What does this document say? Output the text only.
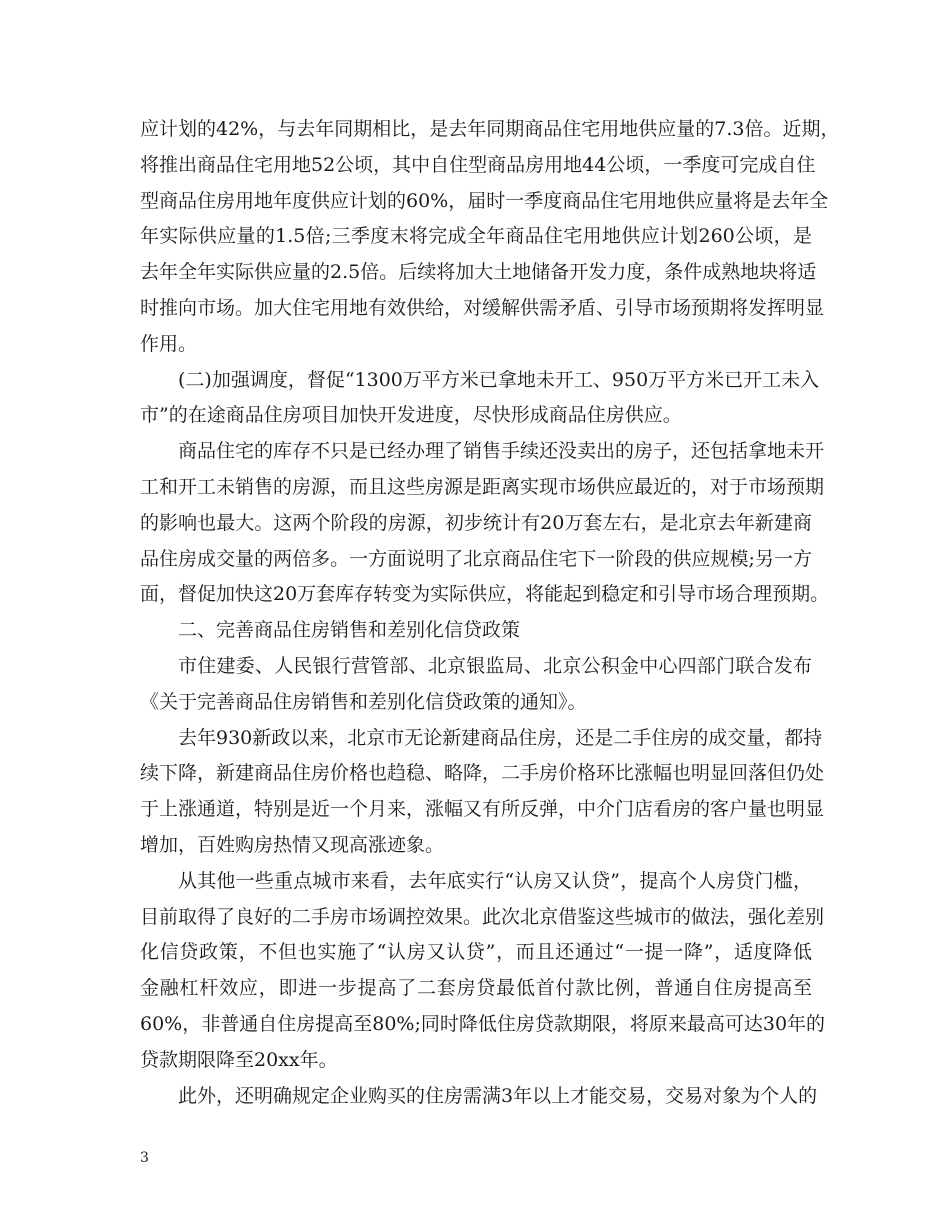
应计划的42%，与去年同期相比，是去年同期商品住宅用地供应量的7.3倍。近期，
将推出商品住宅用地52公顷，其中自住型商品房用地44公顷，一季度可完成自住
型商品住房用地年度供应计划的60%，届时一季度商品住宅用地供应量将是去年全
年实际供应量的1.5倍;三季度末将完成全年商品住宅用地供应计划260公顷，是
去年全年实际供应量的2.5倍。后续将加大土地储备开发力度，条件成熟地块将适
时推向市场。加大住宅用地有效供给，对缓解供需矛盾、引导市场预期将发挥明显
作用。
(二)加强调度，督促“1300万平方米已拿地未开工、950万平方米已开工未入
市”的在途商品住房项目加快开发进度，尽快形成商品住房供应。
商品住宅的库存不只是已经办理了销售手续还没卖出的房子，还包括拿地未开
工和开工未销售的房源，而且这些房源是距离实现市场供应最近的，对于市场预期
的影响也最大。这两个阶段的房源，初步统计有20万套左右，是北京去年新建商
品住房成交量的两倍多。一方面说明了北京商品住宅下一阶段的供应规模;另一方
面，督促加快这20万套库存转变为实际供应，将能起到稳定和引导市场合理预期。
二、完善商品住房销售和差别化信贷政策
市住建委、人民银行营管部、北京银监局、北京公积金中心四部门联合发布
《关于完善商品住房销售和差别化信贷政策的通知》。
去年930新政以来，北京市无论新建商品住房，还是二手住房的成交量，都持
续下降，新建商品住房价格也趋稳、略降，二手房价格环比涨幅也明显回落但仍处
于上涨通道，特别是近一个月来，涨幅又有所反弹，中介门店看房的客户量也明显
增加，百姓购房热情又现高涨迹象。
从其他一些重点城市来看，去年底实行“认房又认贷”，提高个人房贷门槛，
目前取得了良好的二手房市场调控效果。此次北京借鉴这些城市的做法，强化差别
化信贷政策，不但也实施了“认房又认贷”，而且还通过“一提一降”，适度降低
金融杠杆效应，即进一步提高了二套房贷最低首付款比例，普通自住房提高至
60%，非普通自住房提高至80%;同时降低住房贷款期限，将原来最高可达30年的
贷款期限降至20xx年。
此外，还明确规定企业购买的住房需满3年以上才能交易，交易对象为个人的
3
